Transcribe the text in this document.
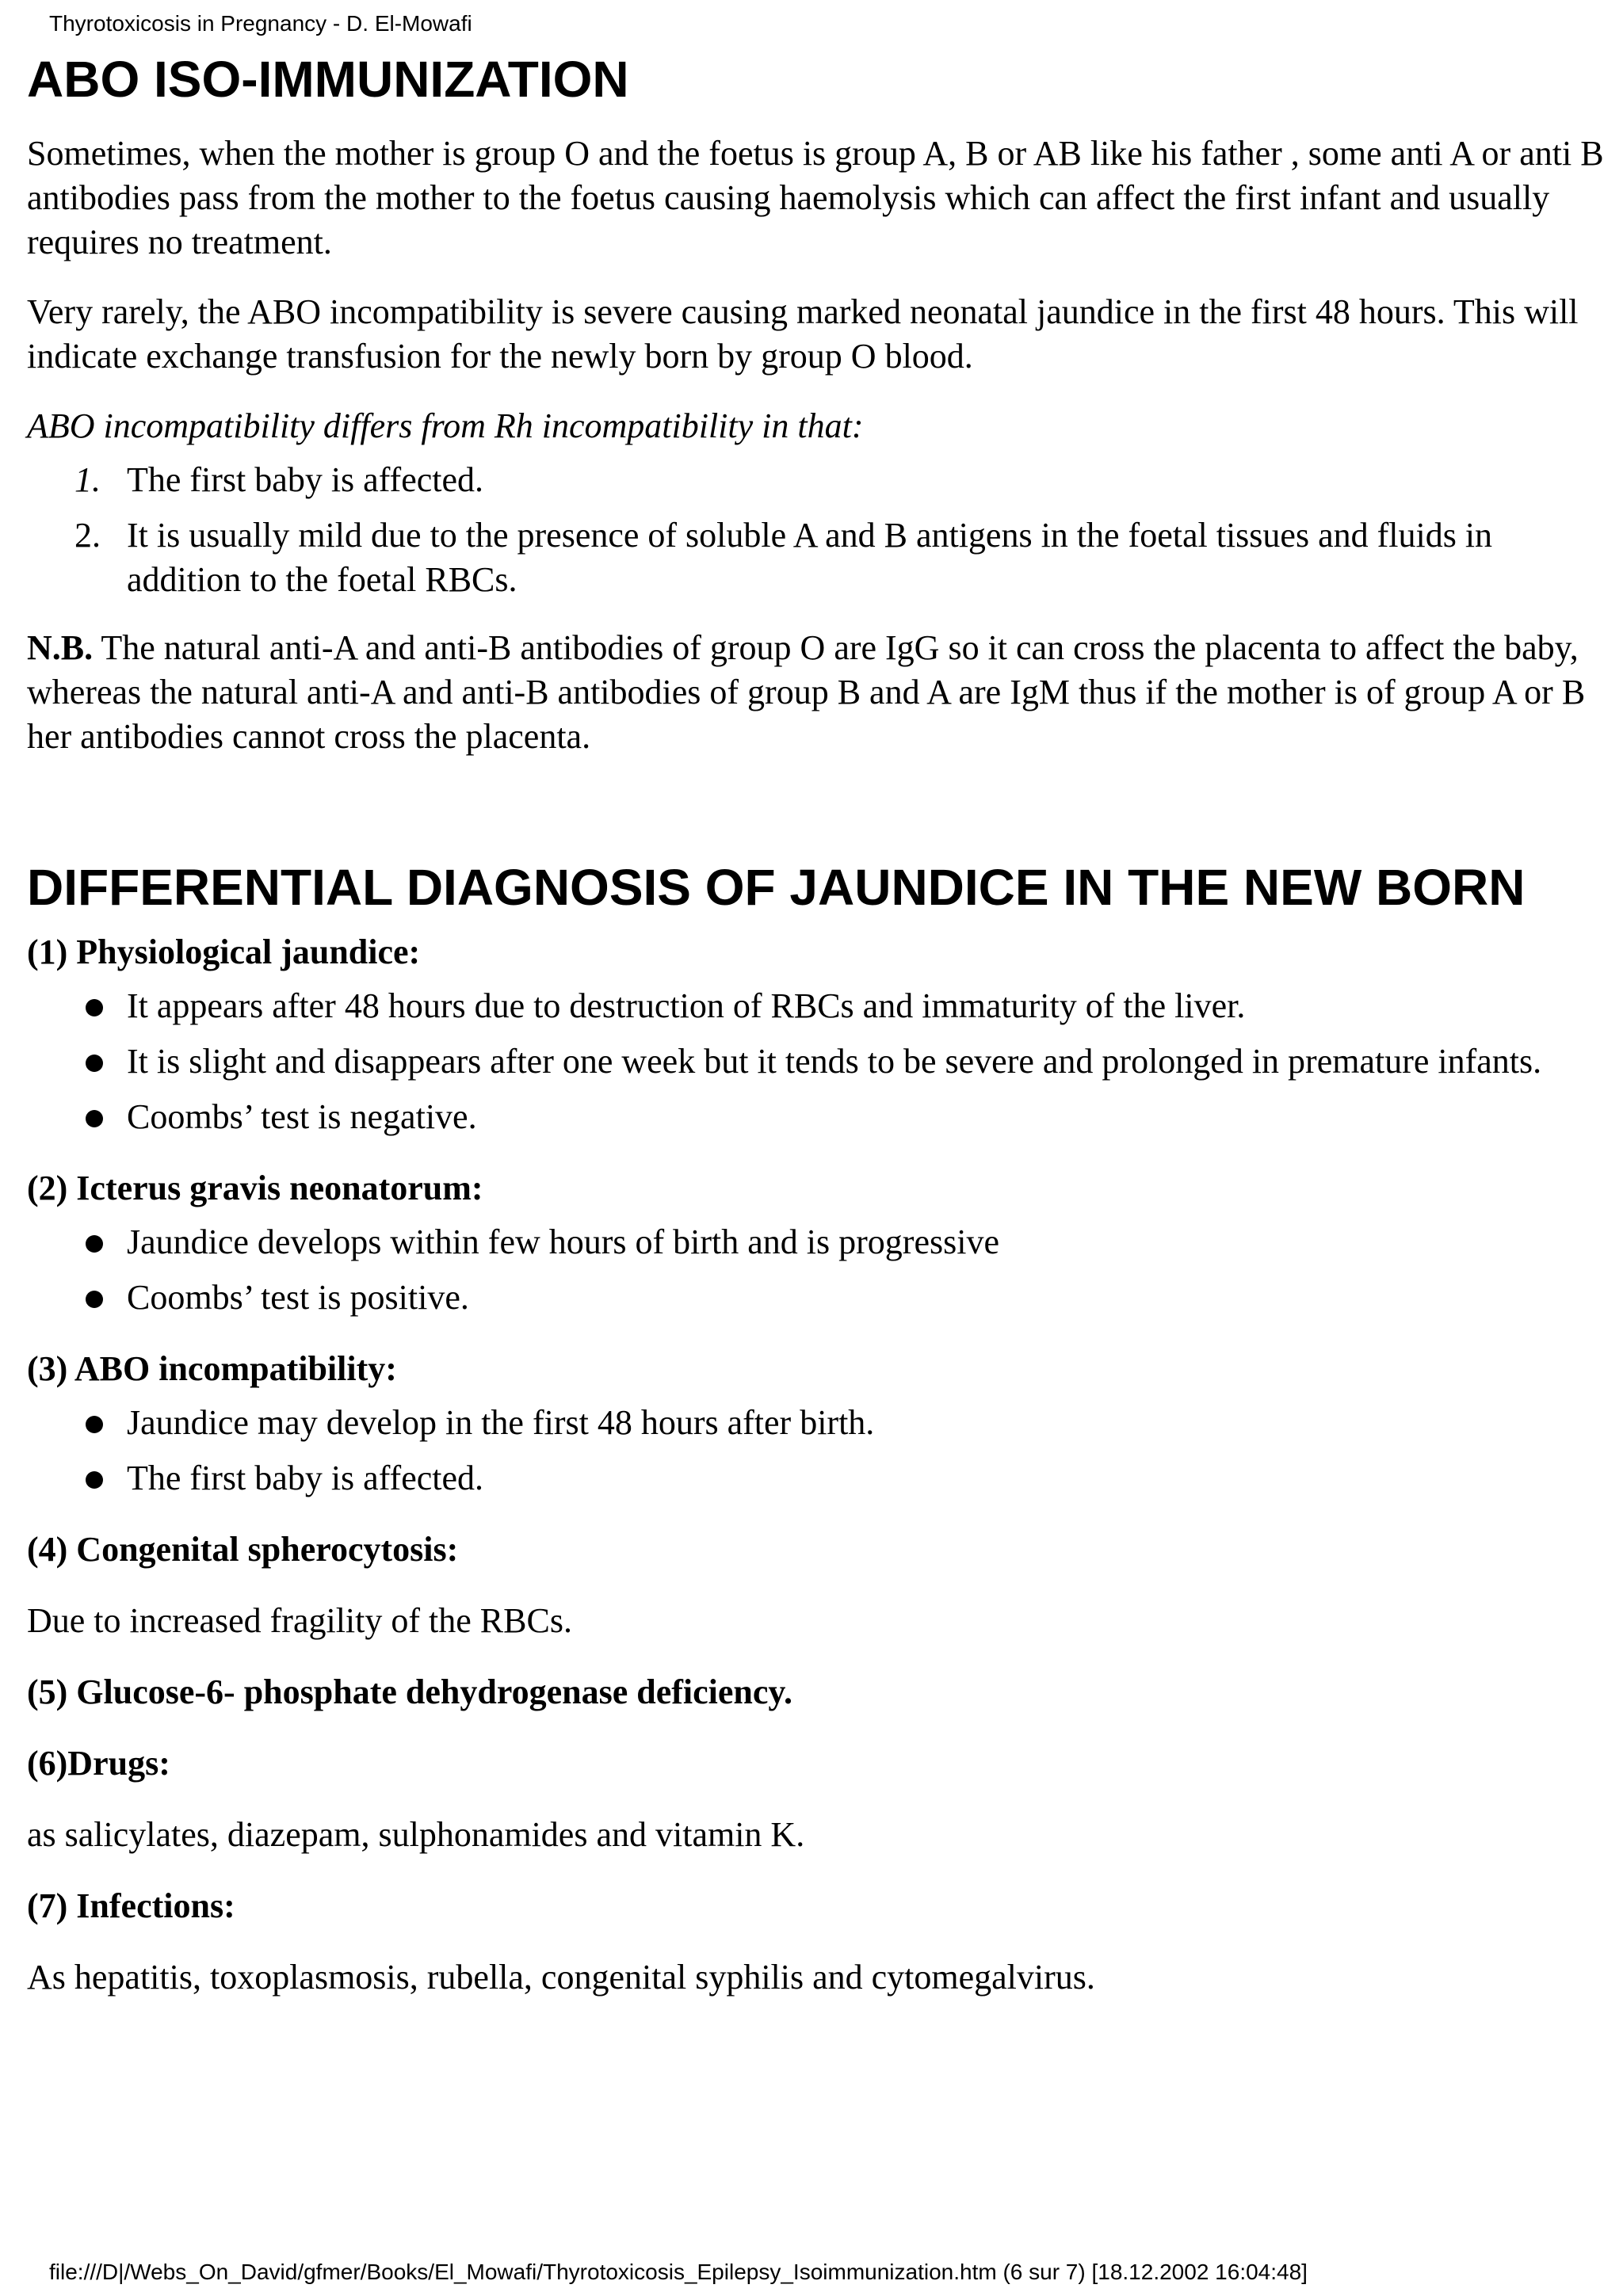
Thyrotoxicosis in Pregnancy - D. El-Mowafi
ABO ISO-IMMUNIZATION

Sometimes, when the mother is group O and the foetus is group A, B or AB like his father , some anti A or anti B antibodies pass from the mother to the foetus causing haemolysis which can affect the first infant and usually requires no treatment.

Very rarely, the ABO incompatibility is severe causing marked neonatal jaundice in the first 48 hours. This will indicate exchange transfusion for the newly born by group O blood.

ABO incompatibility differs from Rh incompatibility in that:

1. The first baby is affected.
2. It is usually mild due to the presence of soluble A and B antigens in the foetal tissues and fluids in addition to the foetal RBCs.

N.B. The natural anti-A and anti-B antibodies of group O are IgG so it can cross the placenta to affect the baby, whereas the natural anti-A and anti-B antibodies of group B and A are IgM thus if the mother is of group A or B her antibodies cannot cross the placenta.

DIFFERENTIAL DIAGNOSIS OF JAUNDICE IN THE NEW BORN

(1) Physiological jaundice:

It appears after 48 hours due to destruction of RBCs and immaturity of the liver.
It is slight and disappears after one week but it tends to be severe and prolonged in premature infants.
Coombs’ test is negative.

(2) Icterus gravis neonatorum:

Jaundice develops within few hours of birth and is progressive
Coombs’ test is positive.

(3) ABO incompatibility:

Jaundice may develop in the first 48 hours after birth.
The first baby is affected.

(4) Congenital spherocytosis:

Due to increased fragility of the RBCs.

(5) Glucose-6- phosphate dehydrogenase deficiency.

(6)Drugs:

as salicylates, diazepam, sulphonamides and vitamin K.

(7) Infections:

As hepatitis, toxoplasmosis, rubella, congenital syphilis and cytomegalvirus.

file:///D|/Webs_On_David/gfmer/Books/El_Mowafi/Thyrotoxicosis_Epilepsy_Isoimmunization.htm (6 sur 7) [18.12.2002 16:04:48]
